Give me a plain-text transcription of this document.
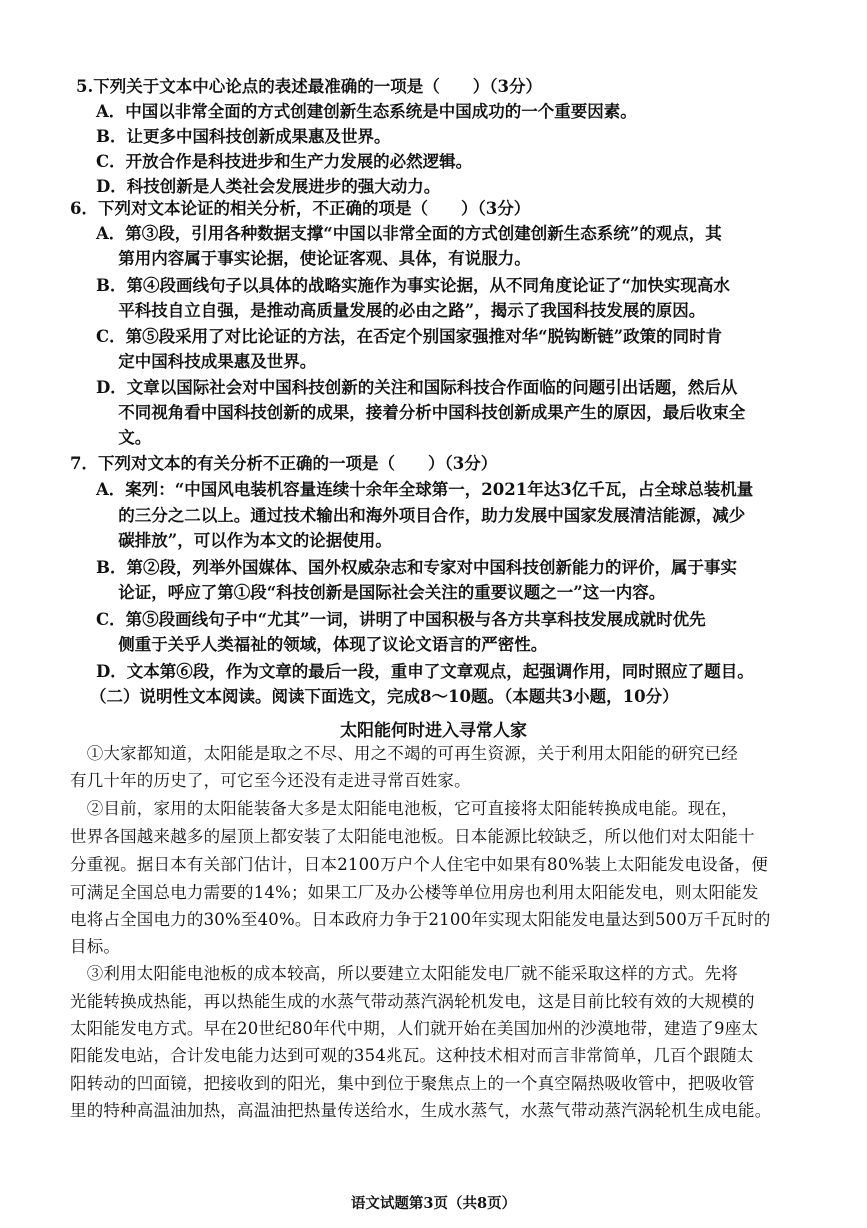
5.下列关于文本中心论点的表述最准确的一项是（　　）（3分）
A．中国以非常全面的方式创建创新生态系统是中国成功的一个重要因素。
B．让更多中国科技创新成果惠及世界。
C．开放合作是科技进步和生产力发展的必然逻辑。
D．科技创新是人类社会发展进步的强大动力。
6．下列对文本论证的相关分析，不正确的项是（　　）（3分）
A．第③段，引用各种数据支撑“中国以非常全面的方式创建创新生态系统”的观点，其
　 第用内容属于事实论据，使论证客观、具体，有说服力。
B．第④段画线句子以具体的战略实施作为事实论据，从不同角度论证了“加快实现高水
　 平科技自立自强，是推动高质量发展的必由之路”，揭示了我国科技发展的原因。
C．第⑤段采用了对比论证的方法，在否定个别国家强推对华“脱钩断链”政策的同时肯
　 定中国科技成果惠及世界。
D．文章以国际社会对中国科技创新的关注和国际科技合作面临的问题引出话题，然后从
　 不同视角看中国科技创新的成果，接着分析中国科技创新成果产生的原因，最后收束全
　 文。
7．下列对文本的有关分析不正确的一项是（　　）（3分）
A．案列：“中国风电装机容量连续十余年全球第一，2021年达3亿千瓦，占全球总装机量
　 的三分之二以上。通过技术输出和海外项目合作，助力发展中国家发展清洁能源，减少
　 碳排放”，可以作为本文的论据使用。
B．第②段，列举外国媒体、国外权威杂志和专家对中国科技创新能力的评价，属于事实
　 论证，呼应了第①段“科技创新是国际社会关注的重要议题之一”这一内容。
C．第⑤段画线句子中“尤其”一词，讲明了中国积极与各方共享科技发展成就时优先
　 侧重于关乎人类福祉的领域，体现了议论文语言的严密性。
D．文本第⑥段，作为文章的最后一段，重申了文章观点，起强调作用，同时照应了题目。
（二）说明性文本阅读。阅读下面选文，完成8～10题。（本题共3小题，10分）
太阳能何时进入寻常人家
　①大家都知道，太阳能是取之不尽、用之不竭的可再生资源，关于利用太阳能的研究已经
有几十年的历史了，可它至今还没有走进寻常百姓家。
　②目前，家用的太阳能装备大多是太阳能电池板，它可直接将太阳能转换成电能。现在，
世界各国越来越多的屋顶上都安装了太阳能电池板。日本能源比较缺乏，所以他们对太阳能十
分重视。据日本有关部门估计，日本2100万户个人住宅中如果有80%装上太阳能发电设备，便
可满足全国总电力需要的14%；如果工厂及办公楼等单位用房也利用太阳能发电，则太阳能发
电将占全国电力的30%至40%。日本政府力争于2100年实现太阳能发电量达到500万千瓦时的
目标。
　③利用太阳能电池板的成本较高，所以要建立太阳能发电厂就不能采取这样的方式。先将
光能转换成热能，再以热能生成的水蒸气带动蒸汽涡轮机发电，这是目前比较有效的大规模的
太阳能发电方式。早在20世纪80年代中期，人们就开始在美国加州的沙漠地带，建造了9座太
阳能发电站，合计发电能力达到可观的354兆瓦。这种技术相对而言非常简单，几百个跟随太
阳转动的凹面镜，把接收到的阳光，集中到位于聚焦点上的一个真空隔热吸收管中，把吸收管
里的特种高温油加热，高温油把热量传送给水，生成水蒸气，水蒸气带动蒸汽涡轮机生成电能。
语文试题第3页（共8页）
